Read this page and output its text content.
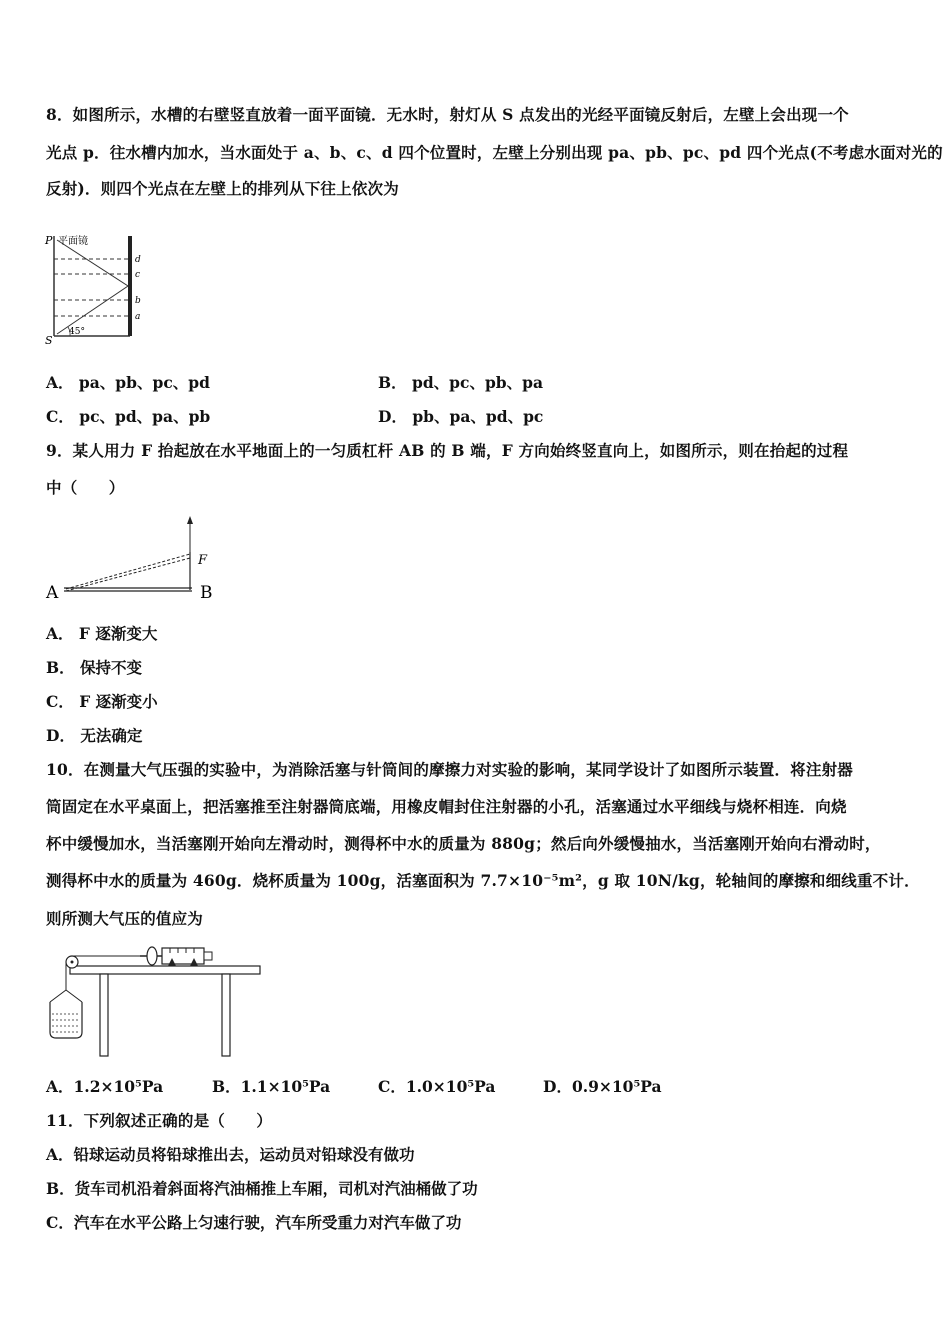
8．如图所示，水槽的右壁竖直放着一面平面镜．无水时，射灯从 S 点发出的光经平面镜反射后，左壁上会出现一个
光点 p．往水槽内加水，当水面处于 a、b、c、d 四个位置时，左壁上分别出现 pa、pb、pc、pd 四个光点(不考虑水面对光的
反射)．则四个光点在左壁上的排列从下往上依次为
P 平面镜
d
c
b
a
S
45°
A． pa、pb、pc、pd	B． pd、pc、pb、pa
C． pc、pd、pa、pb	D． pb、pa、pd、pc
9．某人用力 F 抬起放在水平地面上的一匀质杠杆 AB 的 B 端，F 方向始终竖直向上，如图所示，则在抬起的过程
中（　　）
A	B
F
A． F 逐渐变大
B． 保持不变
C． F 逐渐变小
D． 无法确定
10．在测量大气压强的实验中，为消除活塞与针筒间的摩擦力对实验的影响，某同学设计了如图所示装置．将注射器
筒固定在水平桌面上，把活塞推至注射器筒底端，用橡皮帽封住注射器的小孔，活塞通过水平细线与烧杯相连．向烧
杯中缓慢加水，当活塞刚开始向左滑动时，测得杯中水的质量为 880g；然后向外缓慢抽水，当活塞刚开始向右滑动时，
测得杯中水的质量为 460g．烧杯质量为 100g，活塞面积为 7.7×10⁻⁵m²，g 取 10N/kg，轮轴间的摩擦和细线重不计．
则所测大气压的值应为
A．1.2×10⁵Pa	B．1.1×10⁵Pa	C．1.0×10⁵Pa	D．0.9×10⁵Pa
11．下列叙述正确的是（　　）
A．铅球运动员将铅球推出去，运动员对铅球没有做功
B．货车司机沿着斜面将汽油桶推上车厢，司机对汽油桶做了功
C．汽车在水平公路上匀速行驶，汽车所受重力对汽车做了功
